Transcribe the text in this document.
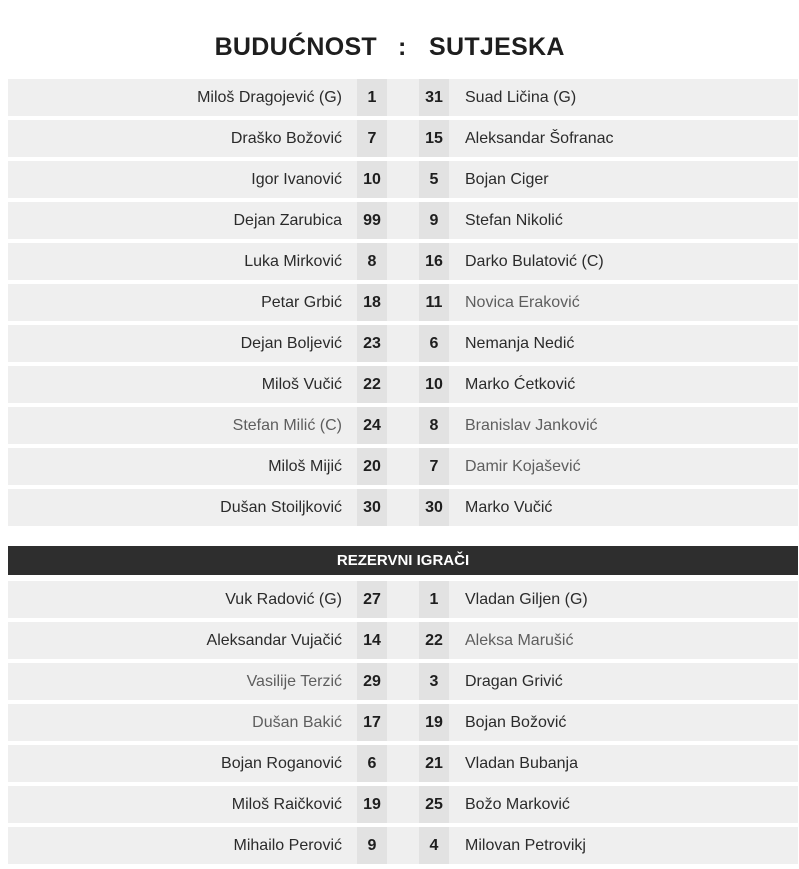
BUDUĆNOST : SUTJESKA
Miloš Dragojević (G)	1	31	Suad Ličina (G)
Draško Božović	7	15	Aleksandar Šofranac
Igor Ivanović	10	5	Bojan Ciger
Dejan Zarubica	99	9	Stefan Nikolić
Luka Mirković	8	16	Darko Bulatović (C)
Petar Grbić	18	11	Novica Eraković
Dejan Boljević	23	6	Nemanja Nedić
Miloš Vučić	22	10	Marko Ćetković
Stefan Milić (C)	24	8	Branislav Janković
Miloš Mijić	20	7	Damir Kojašević
Dušan Stoiljković	30	30	Marko Vučić
REZERVNI IGRAČI
Vuk Radović (G)	27	1	Vladan Giljen (G)
Aleksandar Vujačić	14	22	Aleksa Marušić
Vasilije Terzić	29	3	Dragan Grivić
Dušan Bakić	17	19	Bojan Božović
Bojan Roganović	6	21	Vladan Bubanja
Miloš Raičković	19	25	Božo Marković
Mihailo Perović	9	4	Milovan Petrovikj
